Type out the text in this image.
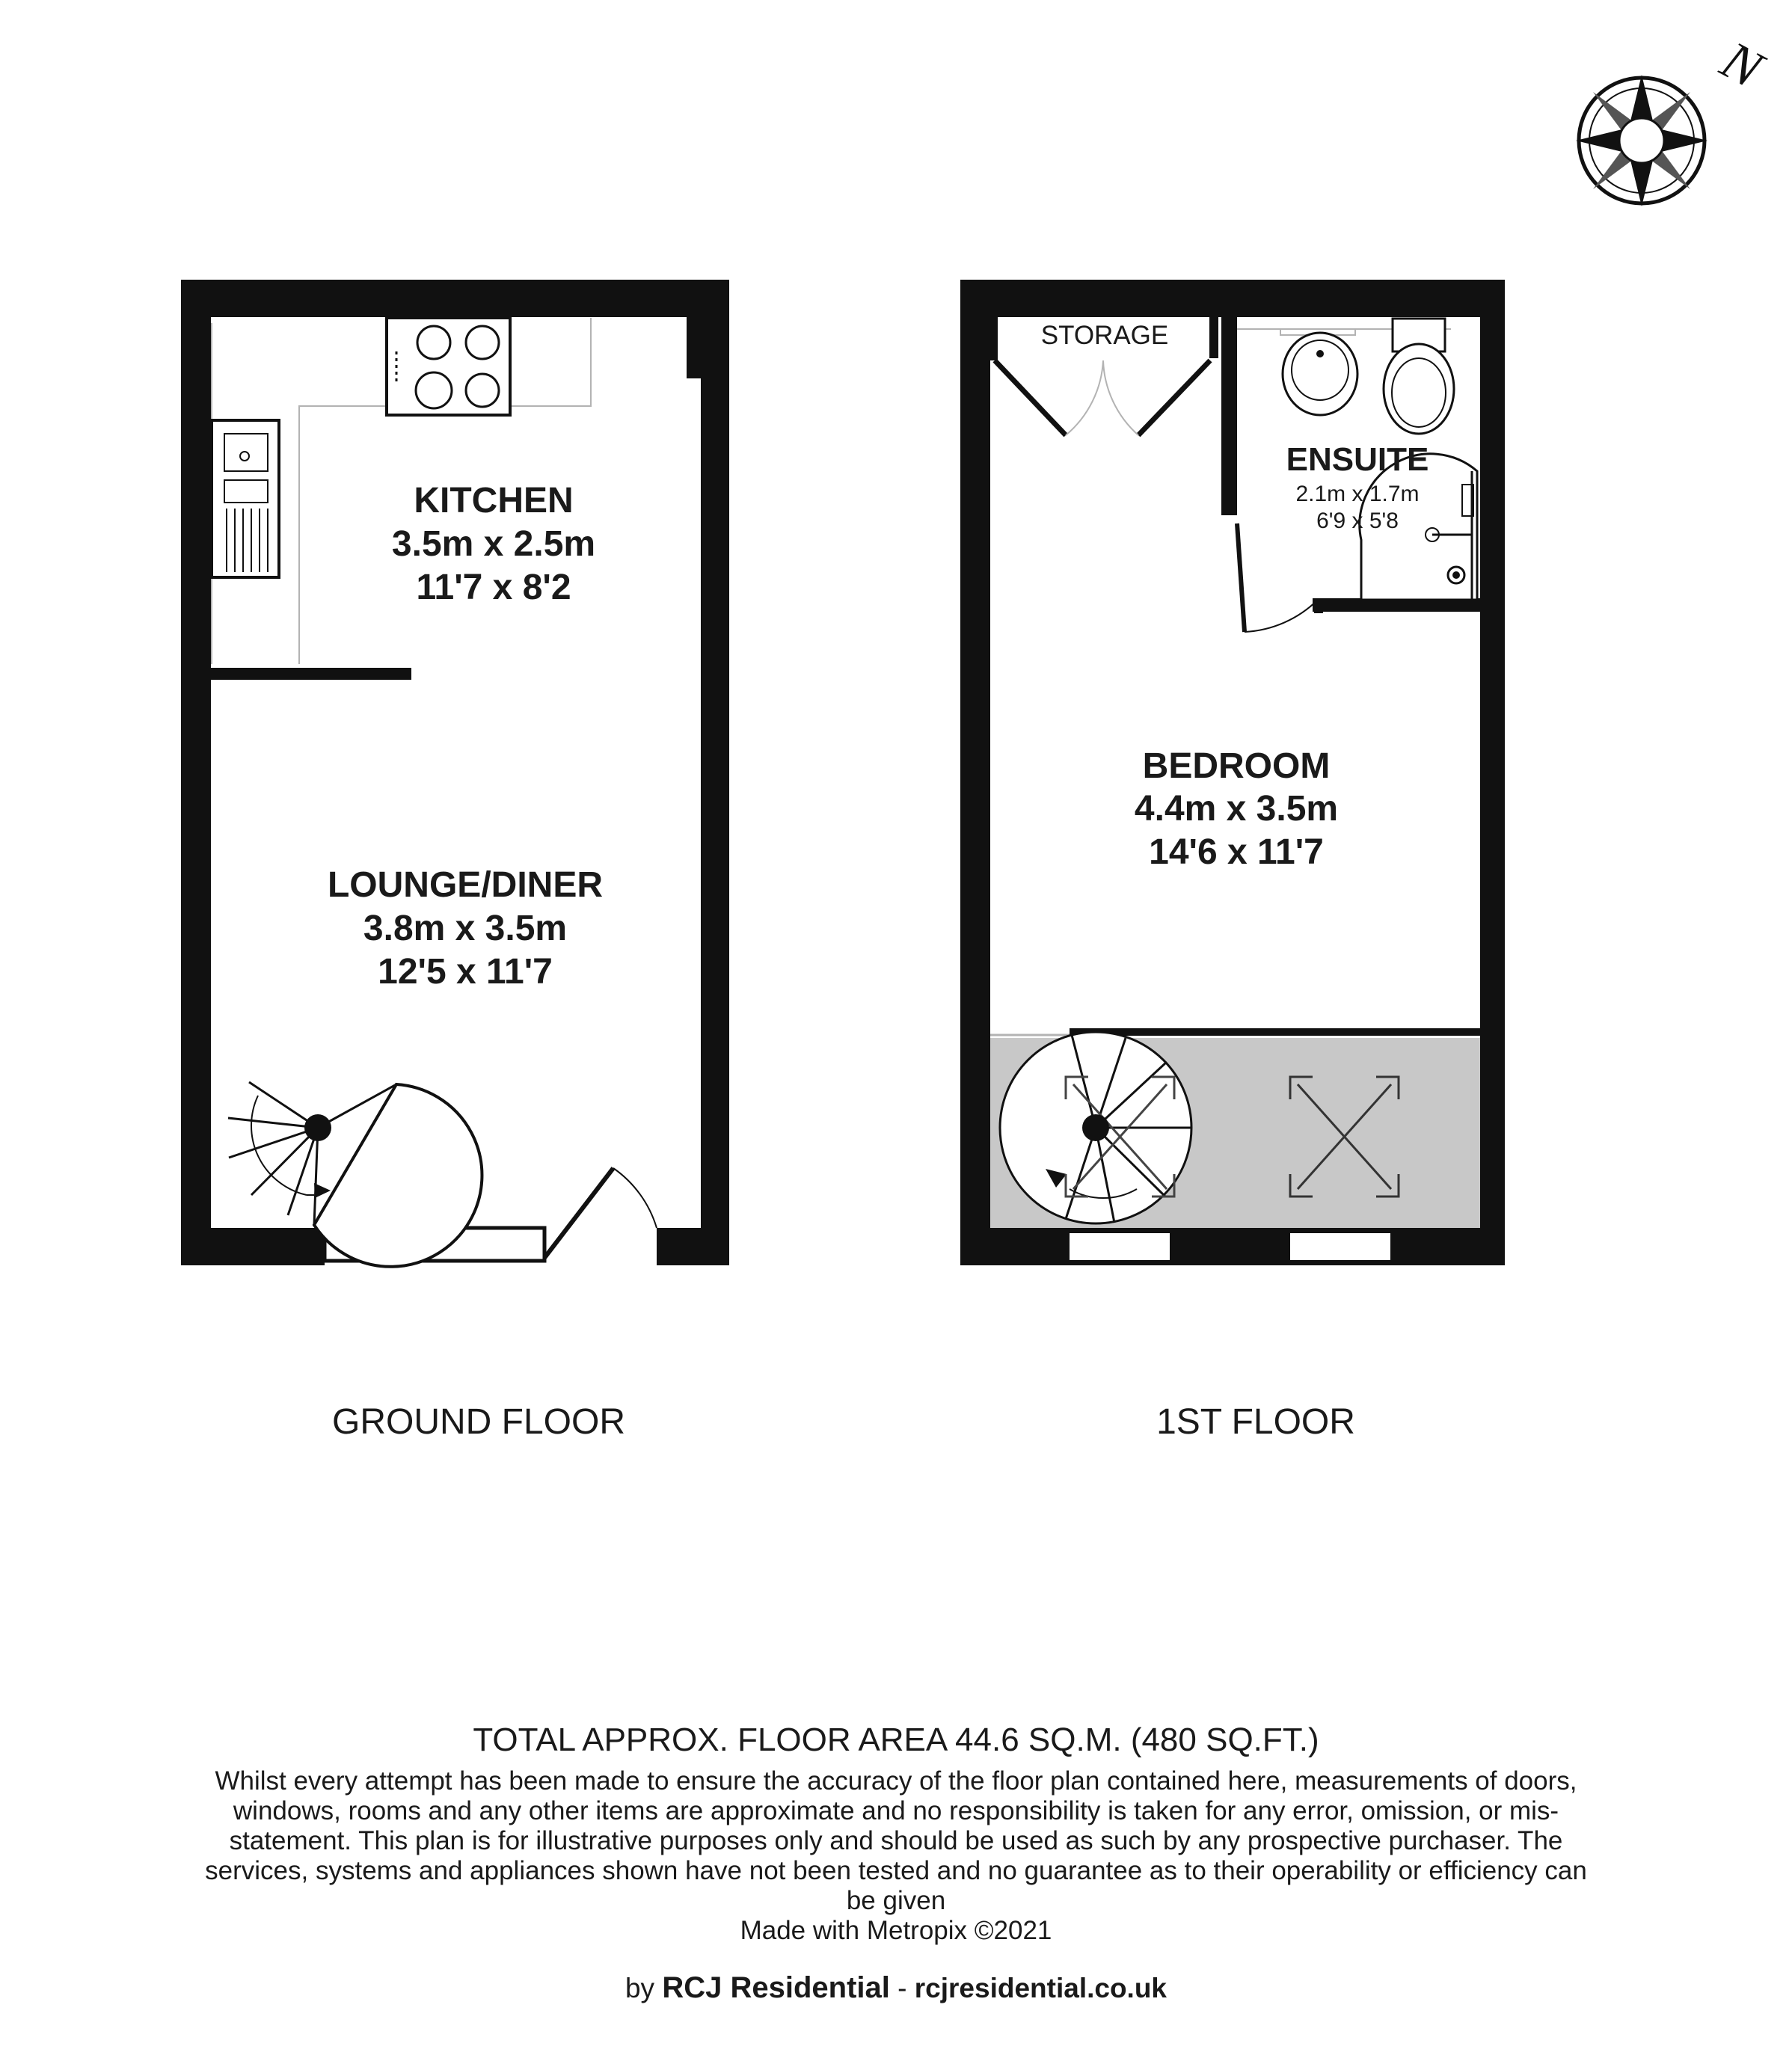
N
KITCHEN
3.5m x 2.5m
11'7 x 8'2
LOUNGE/DINER
3.8m x 3.5m
12'5 x 11'7
GROUND FLOOR
STORAGE
ENSUITE
2.1m x 1.7m
6'9 x 5'8
BEDROOM
4.4m x 3.5m
14'6 x 11'7
1ST FLOOR
TOTAL APPROX. FLOOR AREA 44.6 SQ.M. (480 SQ.FT.)
Whilst every attempt has been made to ensure the accuracy of the floor plan contained here, measurements of doors, windows, rooms and any other items are approximate and no responsibility is taken for any error, omission, or mis-statement. This plan is for illustrative purposes only and should be used as such by any prospective purchaser. The services, systems and appliances shown have not been tested and no guarantee as to their operability or efficiency can be given
Made with Metropix ©2021
by RCJ Residential - rcjresidential.co.uk
